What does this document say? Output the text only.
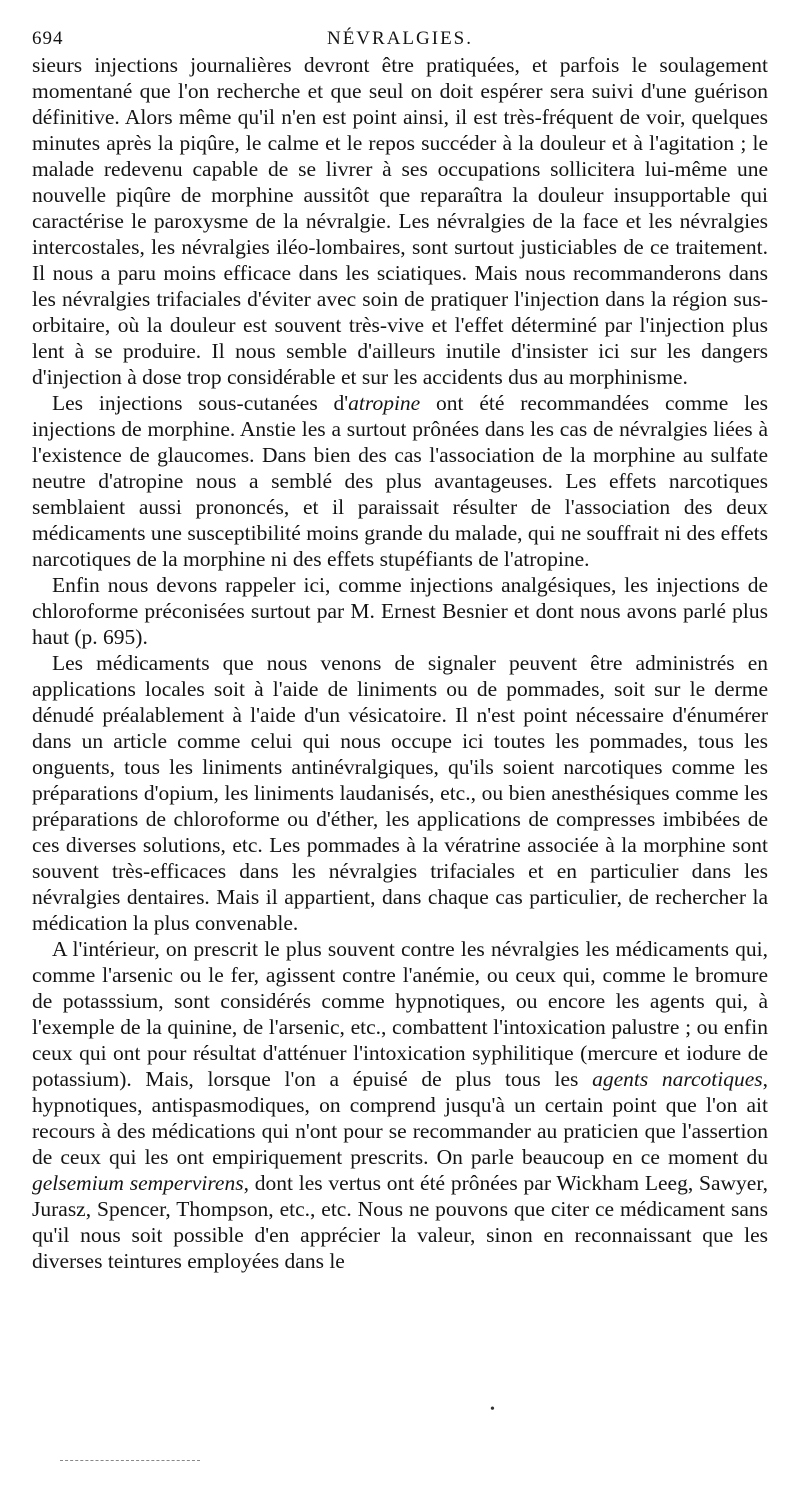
694	NÉVRALGIES.

sieurs injections journalières devront être pratiquées, et parfois le soulagement momentané que l'on recherche et que seul on doit espérer sera suivi d'une guérison définitive. Alors même qu'il n'en est point ainsi, il est très-fréquent de voir, quelques minutes après la piqûre, le calme et le repos succéder à la douleur et à l'agitation ; le malade redevenu capable de se livrer à ses occupations sollicitera lui-même une nouvelle piqûre de morphine aussitôt que reparaîtra la douleur insupportable qui caractérise le paroxysme de la névralgie. Les névralgies de la face et les névralgies intercostales, les névralgies iléo-lombaires, sont surtout justiciables de ce traitement. Il nous a paru moins efficace dans les sciatiques. Mais nous recommanderons dans les névralgies trifaciales d'éviter avec soin de pratiquer l'injection dans la région sus-orbitaire, où la douleur est souvent très-vive et l'effet déterminé par l'injection plus lent à se produire. Il nous semble d'ailleurs inutile d'insister ici sur les dangers d'injection à dose trop considérable et sur les accidents dus au morphinisme.

Les injections sous-cutanées d'atropine ont été recommandées comme les injections de morphine. Anstie les a surtout prônées dans les cas de névralgies liées à l'existence de glaucomes. Dans bien des cas l'association de la morphine au sulfate neutre d'atropine nous a semblé des plus avantageuses. Les effets narcotiques semblaient aussi prononcés, et il paraissait résulter de l'association des deux médicaments une susceptibilité moins grande du malade, qui ne souffrait ni des effets narcotiques de la morphine ni des effets stupéfiants de l'atropine.

Enfin nous devons rappeler ici, comme injections analgésiques, les injections de chloroforme préconisées surtout par M. Ernest Besnier et dont nous avons parlé plus haut (p. 695).

Les médicaments que nous venons de signaler peuvent être administrés en applications locales soit à l'aide de liniments ou de pommades, soit sur le derme dénudé préalablement à l'aide d'un vésicatoire. Il n'est point nécessaire d'énumérer dans un article comme celui qui nous occupe ici toutes les pommades, tous les onguents, tous les liniments antinévralgiques, qu'ils soient narcotiques comme les préparations d'opium, les liniments laudanisés, etc., ou bien anesthésiques comme les préparations de chloroforme ou d'éther, les applications de compresses imbibées de ces diverses solutions, etc. Les pommades à la vératrine associée à la morphine sont souvent très-efficaces dans les névralgies trifaciales et en particulier dans les névralgies dentaires. Mais il appartient, dans chaque cas particulier, de rechercher la médication la plus convenable.

A l'intérieur, on prescrit le plus souvent contre les névralgies les médicaments qui, comme l'arsenic ou le fer, agissent contre l'anémie, ou ceux qui, comme le bromure de potasssium, sont considérés comme hypnotiques, ou encore les agents qui, à l'exemple de la quinine, de l'arsenic, etc., combattent l'intoxication palustre ; ou enfin ceux qui ont pour résultat d'atténuer l'intoxication syphilitique (mercure et iodure de potassium). Mais, lorsque l'on a épuisé de plus tous les agents narcotiques, hypnotiques, antispasmodiques, on comprend jusqu'à un certain point que l'on ait recours à des médications qui n'ont pour se recommander au praticien que l'assertion de ceux qui les ont empiriquement prescrits. On parle beaucoup en ce moment du gelsemium sempervirens, dont les vertus ont été prônées par Wickham Leeg, Sawyer, Jurasz, Spencer, Thompson, etc., etc. Nous ne pouvons que citer ce médicament sans qu'il nous soit possible d'en apprécier la valeur, sinon en reconnaissant que les diverses teintures employées dans le

•
